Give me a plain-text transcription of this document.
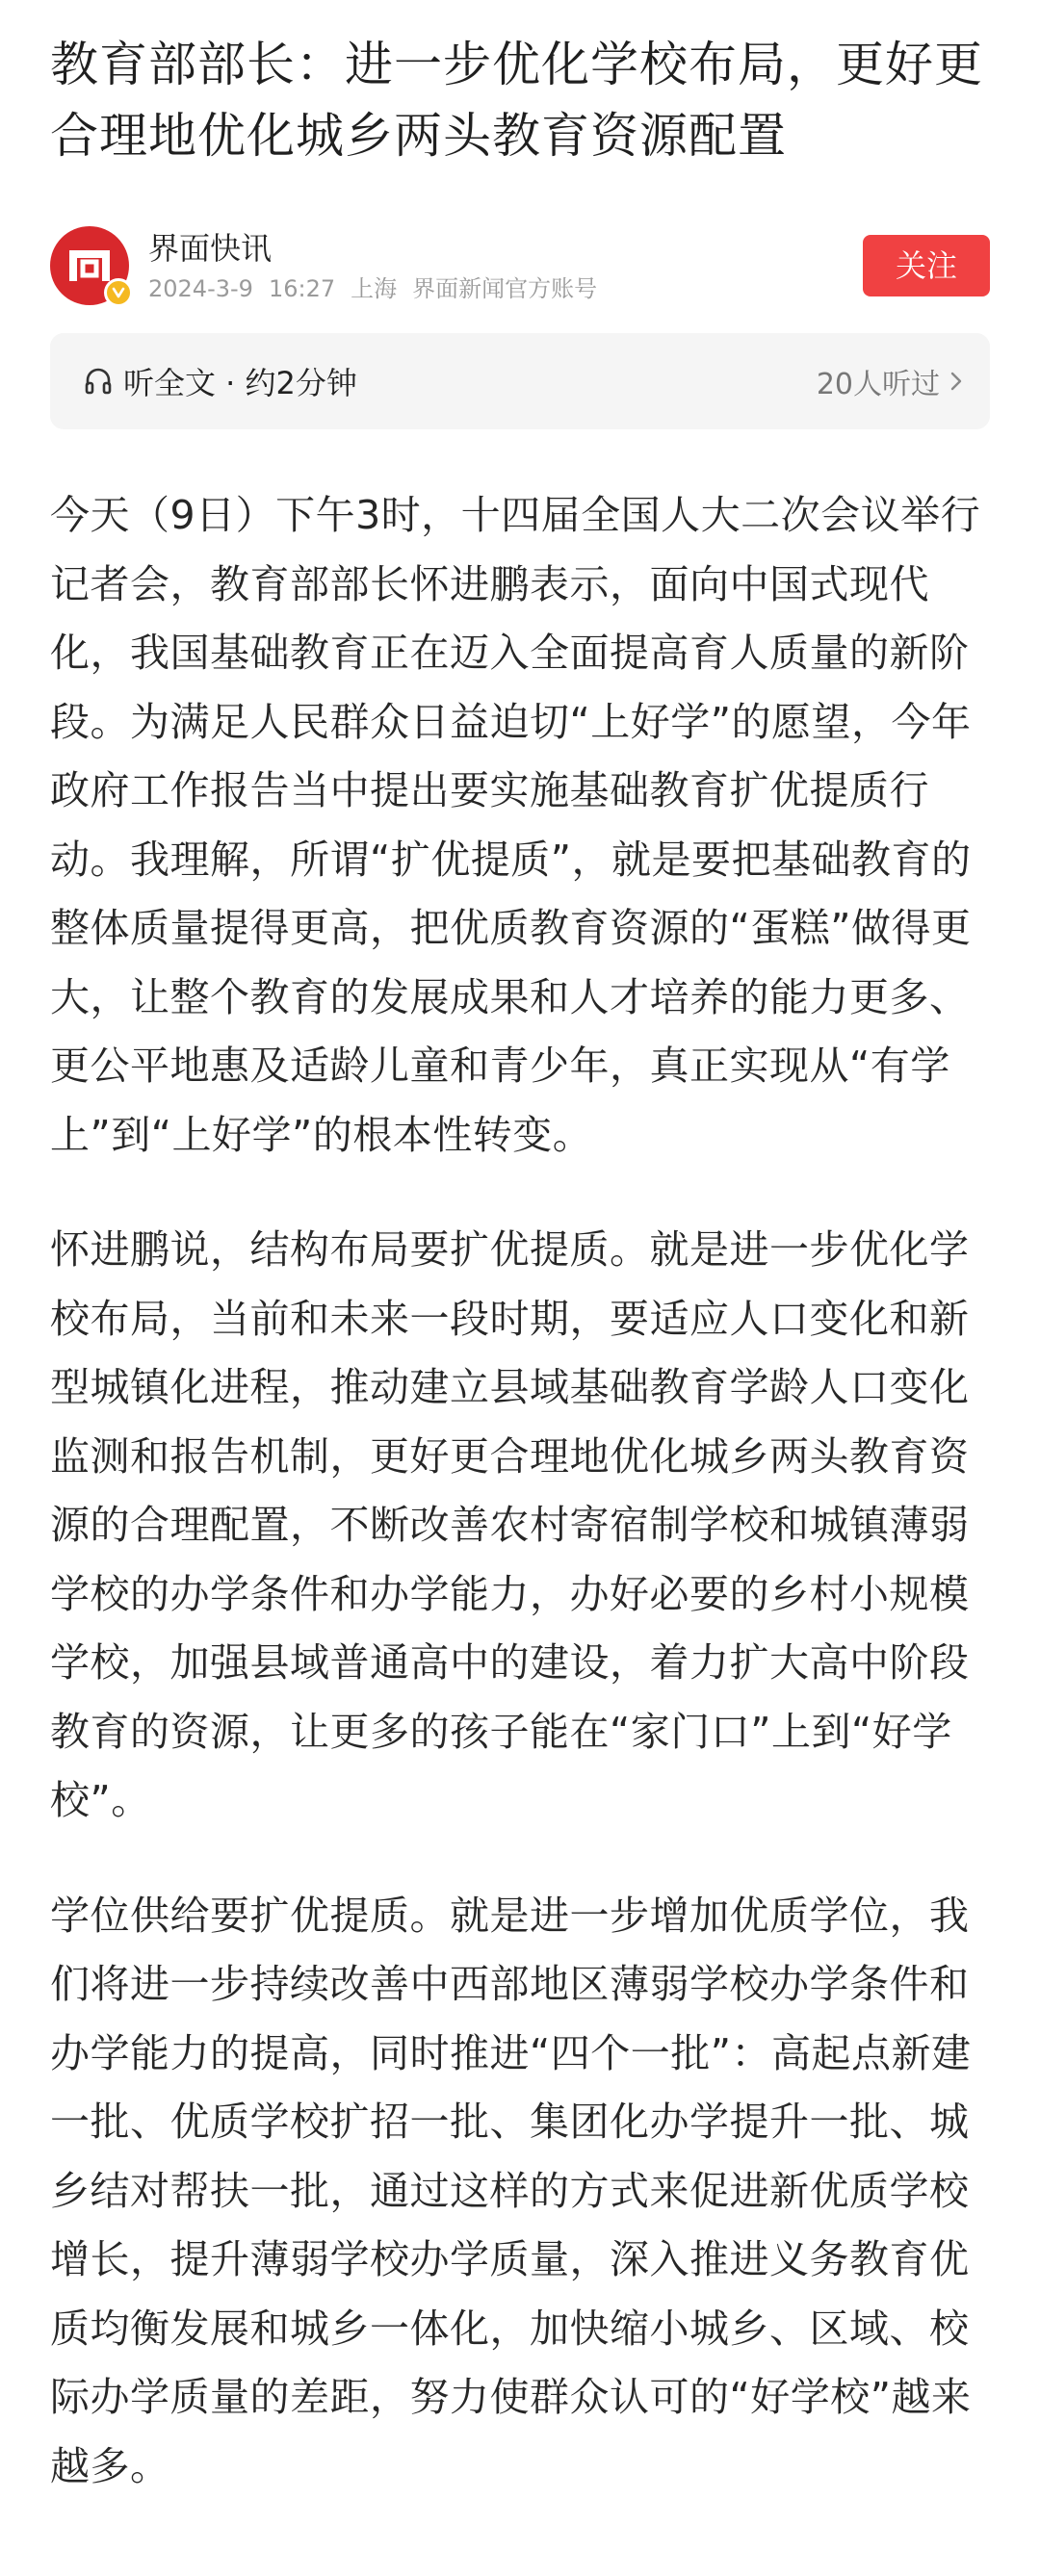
教育部部长：进一步优化学校布局，更好更合理地优化城乡两头教育资源配置
界面快讯
2024-3-9 16:27 上海 界面新闻官方账号
关注
听全文 · 约2分钟	20人听过

今天（9日）下午3时，十四届全国人大二次会议举行记者会，教育部部长怀进鹏表示，面向中国式现代化，我国基础教育正在迈入全面提高育人质量的新阶段。为满足人民群众日益迫切“上好学”的愿望，今年政府工作报告当中提出要实施基础教育扩优提质行动。我理解，所谓“扩优提质”，就是要把基础教育的整体质量提得更高，把优质教育资源的“蛋糕”做得更大，让整个教育的发展成果和人才培养的能力更多、更公平地惠及适龄儿童和青少年，真正实现从“有学上”到“上好学”的根本性转变。

怀进鹏说，结构布局要扩优提质。就是进一步优化学校布局，当前和未来一段时期，要适应人口变化和新型城镇化进程，推动建立县域基础教育学龄人口变化监测和报告机制，更好更合理地优化城乡两头教育资源的合理配置，不断改善农村寄宿制学校和城镇薄弱学校的办学条件和办学能力，办好必要的乡村小规模学校，加强县域普通高中的建设，着力扩大高中阶段教育的资源，让更多的孩子能在“家门口”上到“好学校”。

学位供给要扩优提质。就是进一步增加优质学位，我们将进一步持续改善中西部地区薄弱学校办学条件和办学能力的提高，同时推进“四个一批”：高起点新建一批、优质学校扩招一批、集团化办学提升一批、城乡结对帮扶一批，通过这样的方式来促进新优质学校增长，提升薄弱学校办学质量，深入推进义务教育优质均衡发展和城乡一体化，加快缩小城乡、区域、校际办学质量的差距，努力使群众认可的“好学校”越来越多。
